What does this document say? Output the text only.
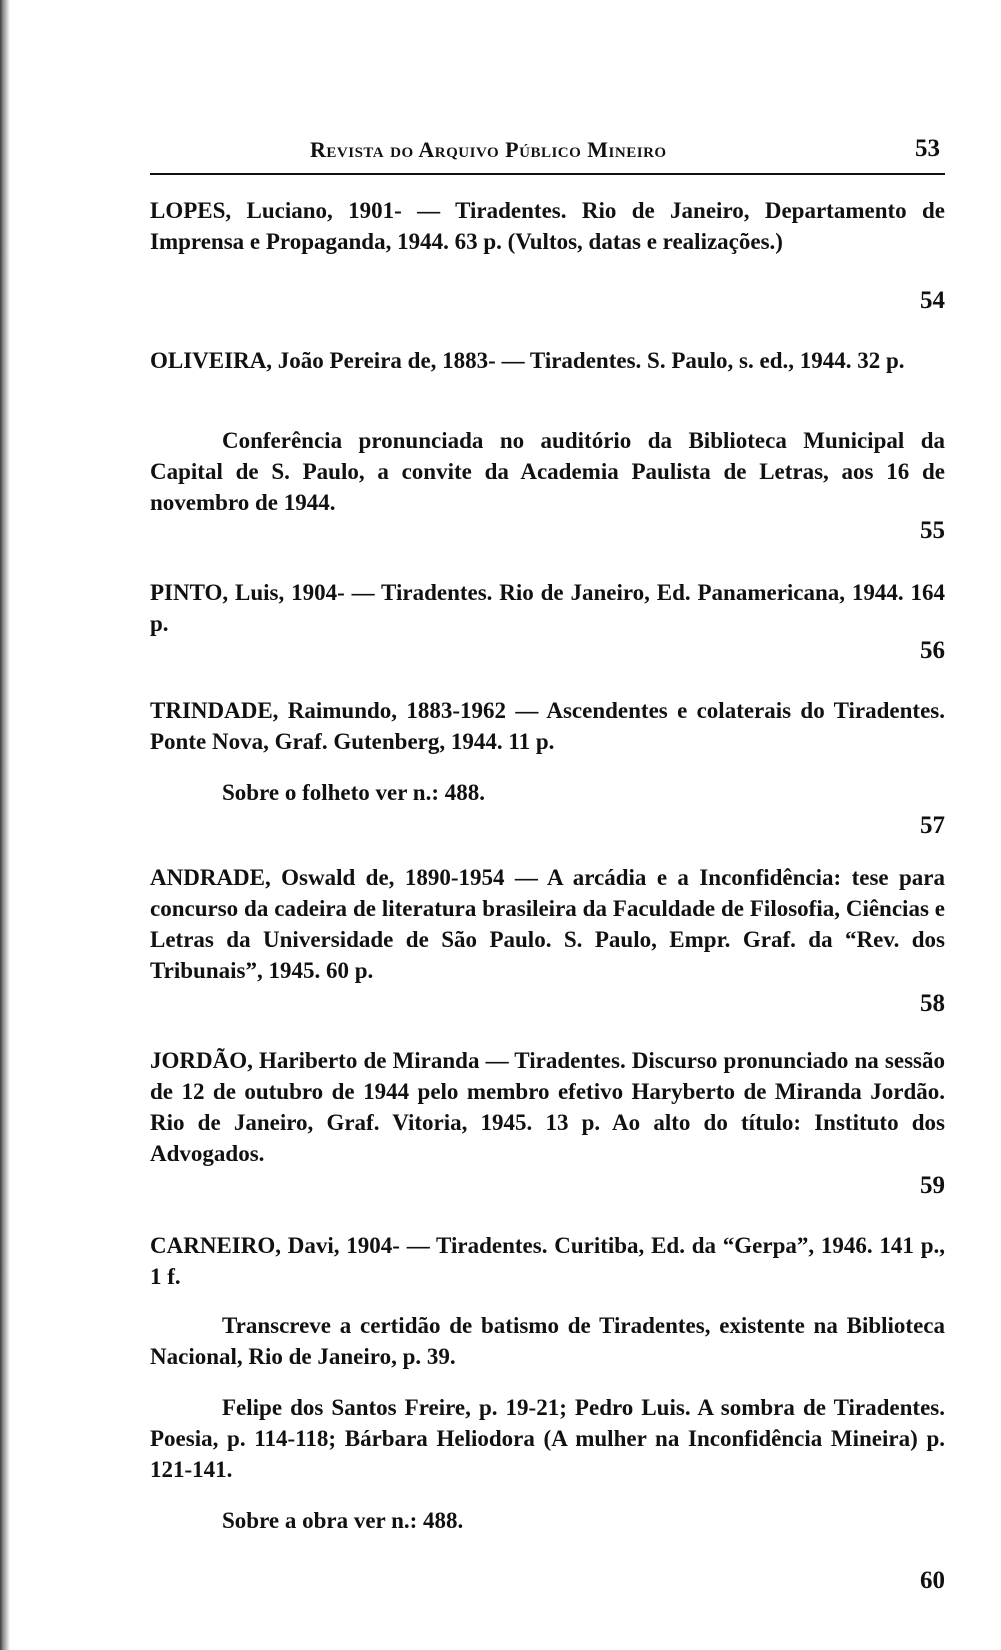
Revista do Arquivo Público Mineiro	53

LOPES, Luciano, 1901- — Tiradentes. Rio de Janeiro, Departamento de Imprensa e Propaganda, 1944. 63 p. (Vultos, datas e realizações.)

54

OLIVEIRA, João Pereira de, 1883- — Tiradentes. S. Paulo, s. ed., 1944. 32 p.

Conferência pronunciada no auditório da Biblioteca Municipal da Capital de S. Paulo, a convite da Academia Paulista de Letras, aos 16 de novembro de 1944.

55

PINTO, Luis, 1904- — Tiradentes. Rio de Janeiro, Ed. Panamericana, 1944. 164 p.

56

TRINDADE, Raimundo, 1883-1962 — Ascendentes e colaterais do Tiradentes. Ponte Nova, Graf. Gutenberg, 1944. 11 p.

Sobre o folheto ver n.: 488.

57

ANDRADE, Oswald de, 1890-1954 — A arcádia e a Inconfidência: tese para concurso da cadeira de literatura brasileira da Faculdade de Filosofia, Ciências e Letras da Universidade de São Paulo. S. Paulo, Empr. Graf. da “Rev. dos Tribunais”, 1945. 60 p.

58

JORDÃO, Hariberto de Miranda — Tiradentes. Discurso pronunciado na sessão de 12 de outubro de 1944 pelo membro efetivo Haryberto de Miranda Jordão. Rio de Janeiro, Graf. Vitoria, 1945. 13 p. Ao alto do título: Instituto dos Advogados.

59

CARNEIRO, Davi, 1904- — Tiradentes. Curitiba, Ed. da “Gerpa”, 1946. 141 p., 1 f.

Transcreve a certidão de batismo de Tiradentes, existente na Biblioteca Nacional, Rio de Janeiro, p. 39.

Felipe dos Santos Freire, p. 19-21; Pedro Luis. A sombra de Tiradentes. Poesia, p. 114-118; Bárbara Heliodora (A mulher na Inconfidência Mineira) p. 121-141.

Sobre a obra ver n.: 488.

60
